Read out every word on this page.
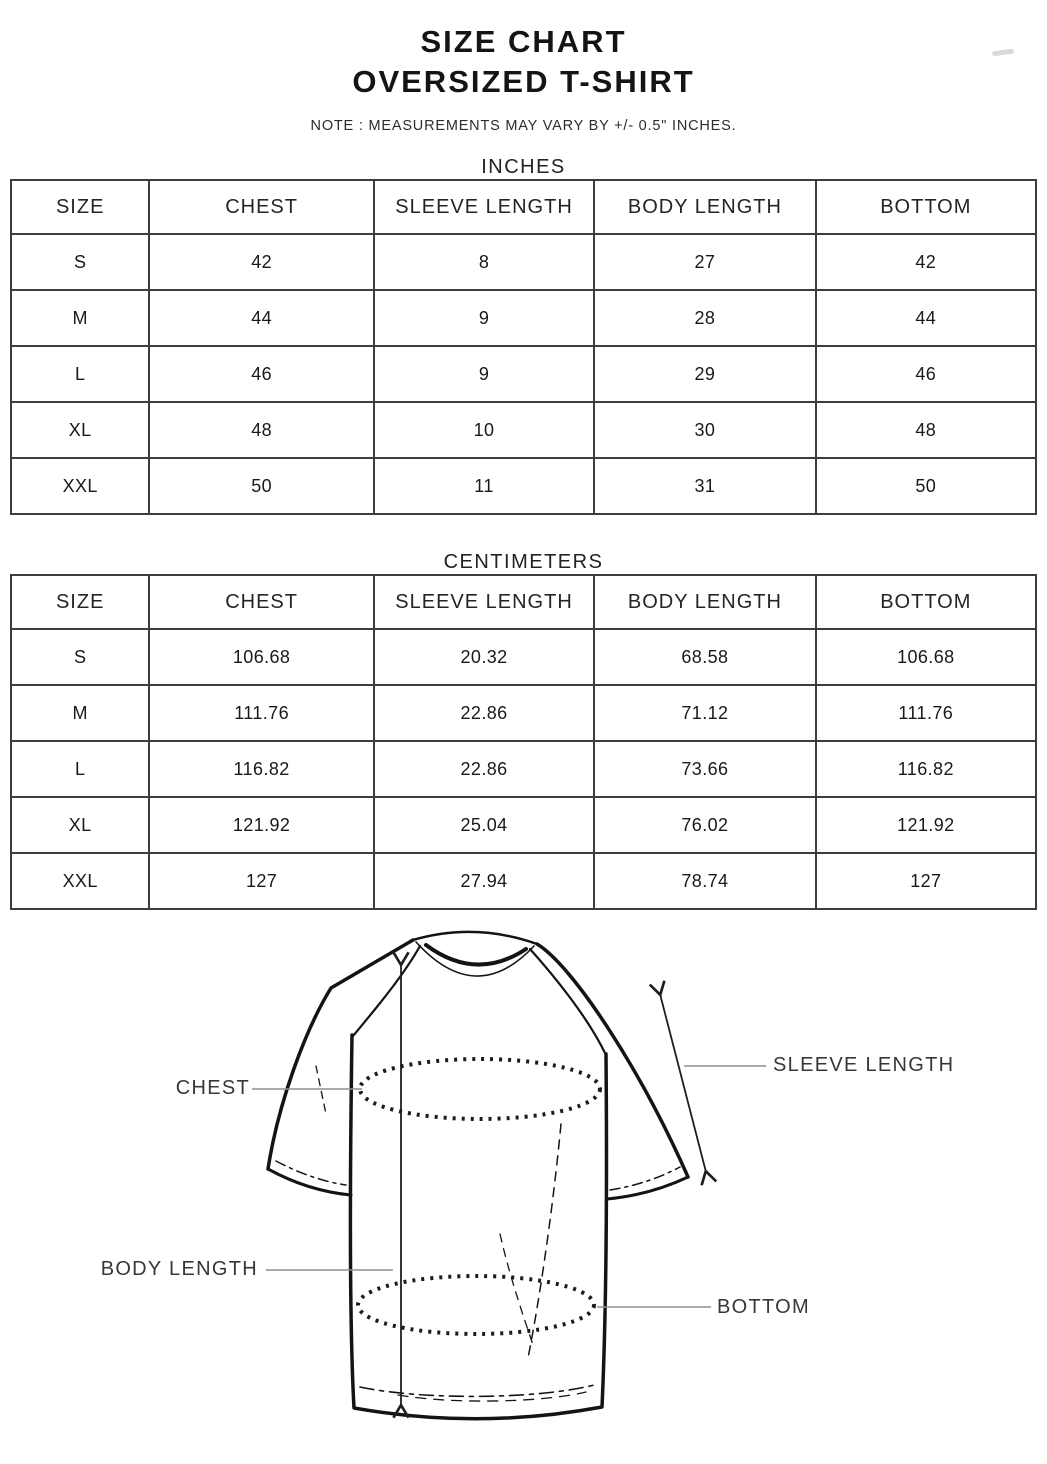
SIZE CHART
OVERSIZED T-SHIRT

NOTE : MEASUREMENTS MAY VARY BY +/- 0.5" INCHES.

INCHES
SIZE	CHEST	SLEEVE LENGTH	BODY LENGTH	BOTTOM
S	42	8	27	42
M	44	9	28	44
L	46	9	29	46
XL	48	10	30	48
XXL	50	11	31	50
CENTIMETERS
SIZE	CHEST	SLEEVE LENGTH	BODY LENGTH	BOTTOM
S	106.68	20.32	68.58	106.68
M	111.76	22.86	71.12	111.76
L	116.82	22.86	73.66	116.82
XL	121.92	25.04	76.02	121.92
XXL	127	27.94	78.74	127
CHEST
SLEEVE LENGTH
BODY LENGTH
BOTTOM
